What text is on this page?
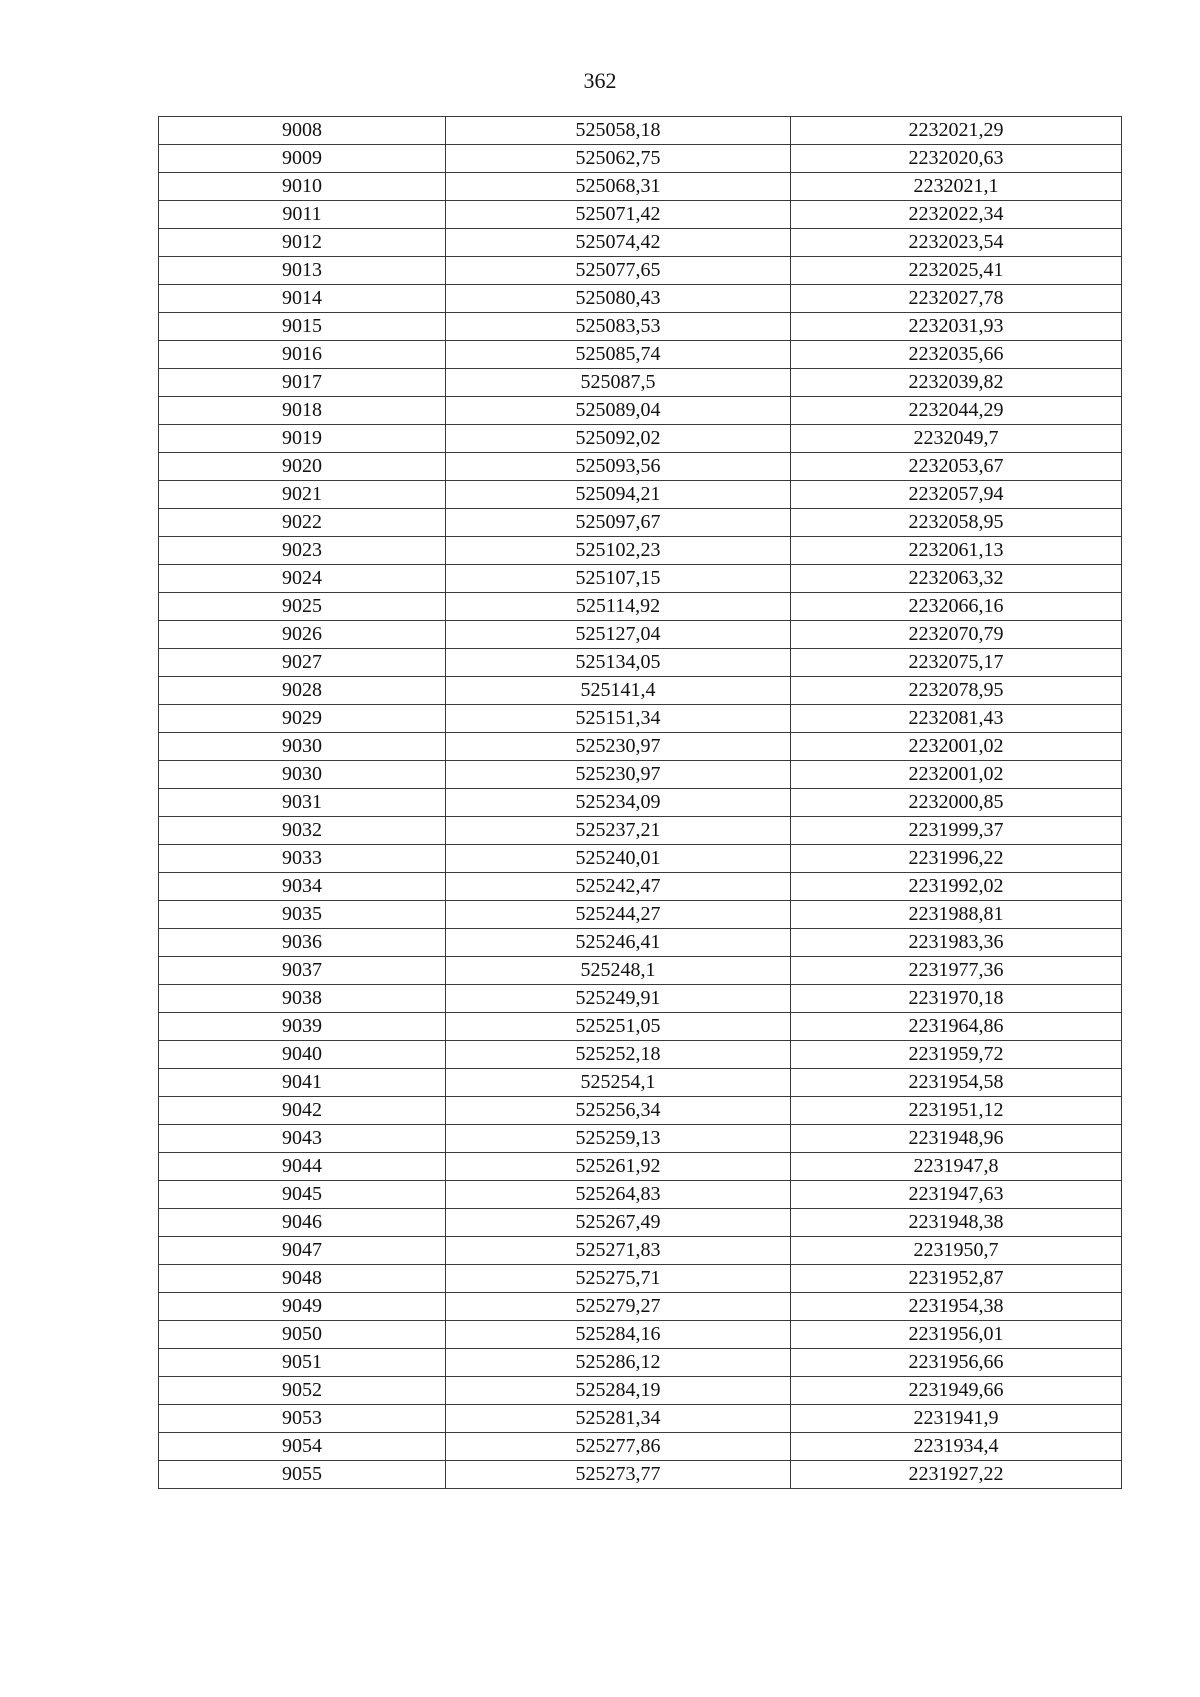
362
9008	525058,18	2232021,29
9009	525062,75	2232020,63
9010	525068,31	2232021,1
9011	525071,42	2232022,34
9012	525074,42	2232023,54
9013	525077,65	2232025,41
9014	525080,43	2232027,78
9015	525083,53	2232031,93
9016	525085,74	2232035,66
9017	525087,5	2232039,82
9018	525089,04	2232044,29
9019	525092,02	2232049,7
9020	525093,56	2232053,67
9021	525094,21	2232057,94
9022	525097,67	2232058,95
9023	525102,23	2232061,13
9024	525107,15	2232063,32
9025	525114,92	2232066,16
9026	525127,04	2232070,79
9027	525134,05	2232075,17
9028	525141,4	2232078,95
9029	525151,34	2232081,43
9030	525230,97	2232001,02
9030	525230,97	2232001,02
9031	525234,09	2232000,85
9032	525237,21	2231999,37
9033	525240,01	2231996,22
9034	525242,47	2231992,02
9035	525244,27	2231988,81
9036	525246,41	2231983,36
9037	525248,1	2231977,36
9038	525249,91	2231970,18
9039	525251,05	2231964,86
9040	525252,18	2231959,72
9041	525254,1	2231954,58
9042	525256,34	2231951,12
9043	525259,13	2231948,96
9044	525261,92	2231947,8
9045	525264,83	2231947,63
9046	525267,49	2231948,38
9047	525271,83	2231950,7
9048	525275,71	2231952,87
9049	525279,27	2231954,38
9050	525284,16	2231956,01
9051	525286,12	2231956,66
9052	525284,19	2231949,66
9053	525281,34	2231941,9
9054	525277,86	2231934,4
9055	525273,77	2231927,22
